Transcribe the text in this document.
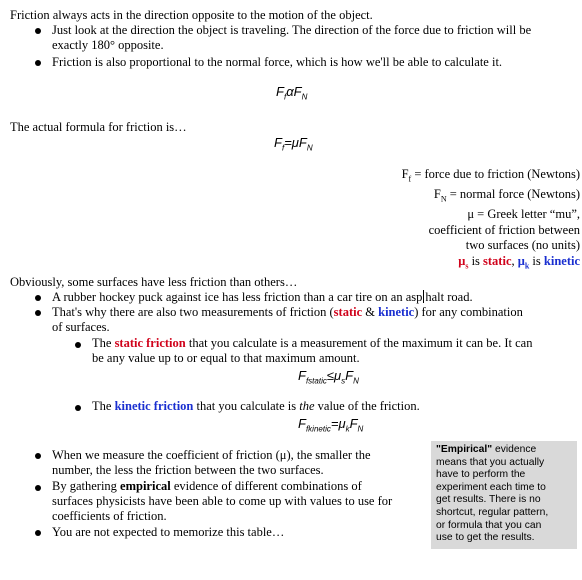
Friction always acts in the direction opposite to the motion of the object.
Just look at the direction the object is traveling. The direction of the force due to friction will be
exactly 180° opposite.
Friction is also proportional to the normal force, which is how we'll be able to calculate it.
$F_f\alpha F_N$
The actual formula for friction is…
$F_f=\mu F_N$
$F_f$ = force due to friction (Newtons)
$F_N$ = normal force (Newtons)
μ = Greek letter “mu”,
coefficient of friction between
two surfaces (no units)
$\mu_s$ is static, $\mu_k$ is kinetic
Obviously, some surfaces have less friction than others…
A rubber hockey puck against ice has less friction than a car tire on an asp halt road.
That's why there are also two measurements of friction (static & kinetic) for any combination
of surfaces.
The static friction that you calculate is a measurement of the maximum it can be. It can
be any value up to or equal to that maximum amount.
$F_{fstatic}\le\mu_sF_N$
The kinetic friction that you calculate is the value of the friction.
$F_{fkinetic}=\mu_kF_N$
When we measure the coefficient of friction (μ), the smaller the
number, the less the friction between the two surfaces.
By gathering empirical evidence of different combinations of
surfaces physicists have been able to come up with values to use for
coefficients of friction.
You are not expected to memorize this table…
"Empirical" evidence
means that you actually
have to perform the
experiment each time to
get results. There is no
shortcut, regular pattern,
or formula that you can
use to get the results.
